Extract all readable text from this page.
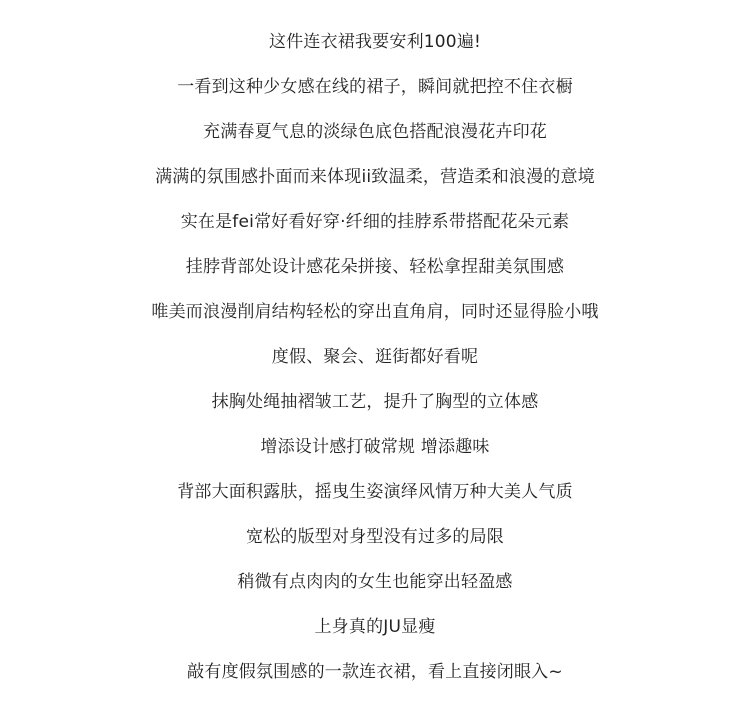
这件连衣裙我要安利100遍!
一看到这种少女感在线的裙子，瞬间就把控不住衣橱
充满春夏气息的淡绿色底色搭配浪漫花卉印花
满满的氛围感扑面而来体现ii致温柔，营造柔和浪漫的意境
实在是fei常好看好穿·纤细的挂脖系带搭配花朵元素
挂脖背部处设计感花朵拼接、轻松拿捏甜美氛围感
唯美而浪漫削肩结构轻松的穿出直角肩，同时还显得脸小哦
度假、聚会、逛街都好看呢
抹胸处绳抽褶皱工艺，提升了胸型的立体感
增添设计感打破常规 增添趣味
背部大面积露肤，摇曳生姿演绎风情万种大美人气质
宽松的版型对身型没有过多的局限
稍微有点肉肉的女生也能穿出轻盈感
上身真的JU显瘦
敲有度假氛围感的一款连衣裙，看上直接闭眼入~
